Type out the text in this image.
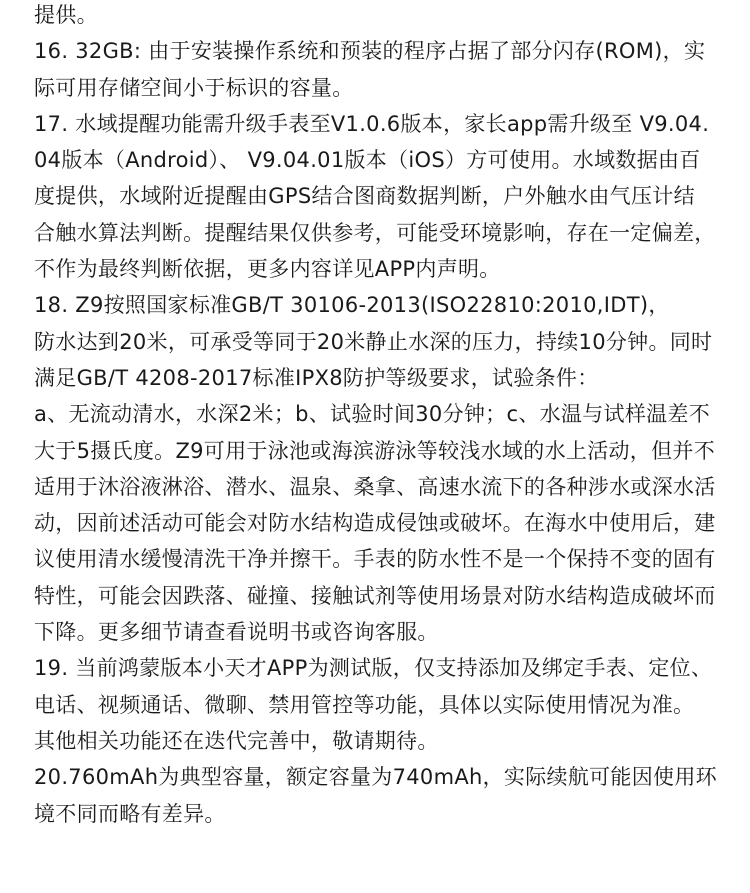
提供。
16. 32GB: 由于安装操作系统和预装的程序占据了部分闪存(ROM)，实
际可用存储空间小于标识的容量。
17. 水域提醒功能需升级手表至V1.0.6版本，家长app需升级至 V9.04.
04版本（Android）、 V9.04.01版本（iOS）方可使用。水域数据由百
度提供，水域附近提醒由GPS结合图商数据判断，户外触水由气压计结
合触水算法判断。提醒结果仅供参考，可能受环境影响，存在一定偏差，
不作为最终判断依据，更多内容详见APP内声明。
18. Z9按照国家标准GB/T 30106-2013(ISO22810:2010,IDT)，
防水达到20米，可承受等同于20米静止水深的压力，持续10分钟。同时
满足GB/T 4208-2017标准IPX8防护等级要求，试验条件：
a、无流动清水，水深2米；b、试验时间30分钟；c、水温与试样温差不
大于5摄氏度。Z9可用于泳池或海滨游泳等较浅水域的水上活动，但并不
适用于沐浴液淋浴、潜水、温泉、桑拿、高速水流下的各种涉水或深水活
动，因前述活动可能会对防水结构造成侵蚀或破坏。在海水中使用后，建
议使用清水缓慢清洗干净并擦干。手表的防水性不是一个保持不变的固有
特性，可能会因跌落、碰撞、接触试剂等使用场景对防水结构造成破坏而
下降。更多细节请查看说明书或咨询客服。
19. 当前鸿蒙版本小天才APP为测试版，仅支持添加及绑定手表、定位、
电话、视频通话、微聊、禁用管控等功能，具体以实际使用情况为准。
其他相关功能还在迭代完善中，敬请期待。
20.760mAh为典型容量，额定容量为740mAh，实际续航可能因使用环
境不同而略有差异。
